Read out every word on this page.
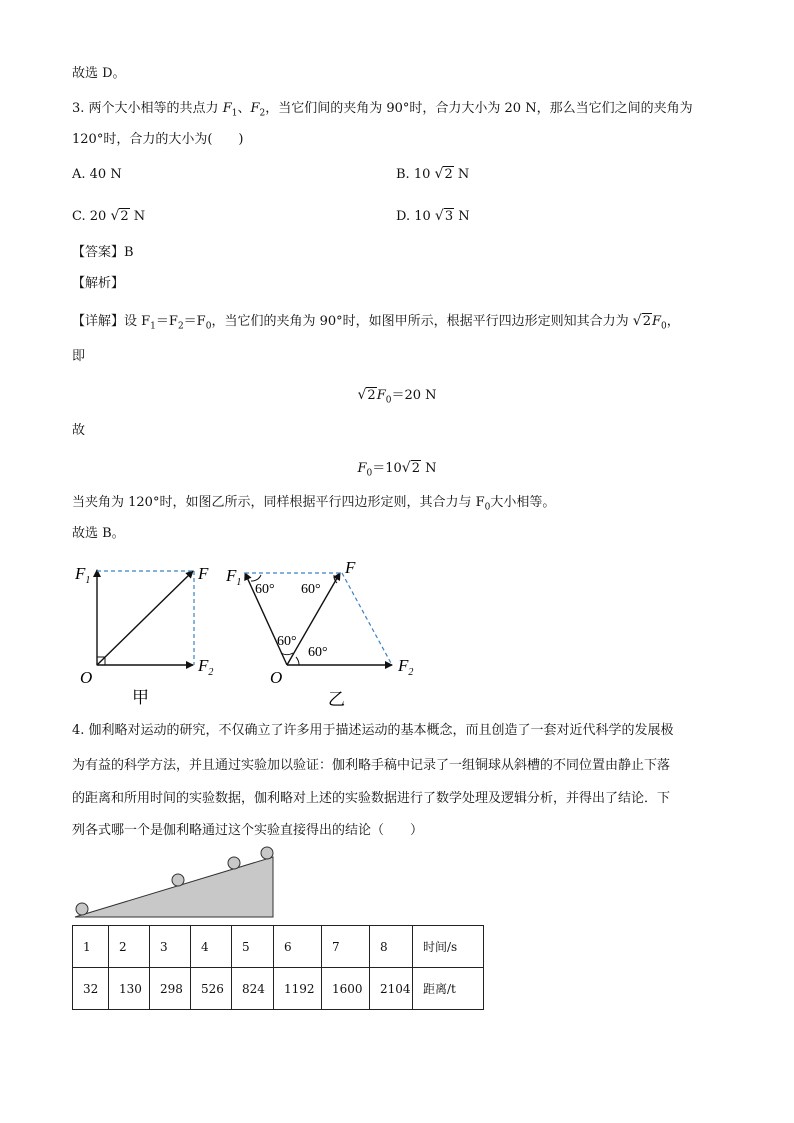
故选 D。
3. 两个大小相等的共点力 $F_1$、$F_2$，当它们间的夹角为 90°时，合力大小为 20 N，那么当它们之间的夹角为
120°时，合力的大小为(　　)
A. 40 N	B. 10 √2 N
C. 20 √2 N	D. 10 √3 N
【答案】B
【解析】
【详解】设 $F_1=F_2=F_0$，当它们的夹角为 90°时，如图甲所示，根据平行四边形定则知其合力为 $√2F_0$，
即
$√2F_0=20$ N
故
$F_0=10√2$ N
当夹角为 120°时，如图乙所示，同样根据平行四边形定则，其合力与 $F_0$大小相等。
故选 B。
$F_1$	F
$F_2$
O
甲
$F_1$
F
$F_2$
O
60° 60°
60°
60°
乙
4. 伽利略对运动的研究，不仅确立了许多用于描述运动的基本概念，而且创造了一套对近代科学的发展极
为有益的科学方法，并且通过实验加以验证：伽利略手稿中记录了一组铜球从斜槽的不同位置由静止下落
的距离和所用时间的实验数据，伽利略对上述的实验数据进行了数学处理及逻辑分析，并得出了结论．下
列各式哪一个是伽利略通过这个实验直接得出的结论（　　）
1	2	3	4	5	6	7	8	时间/s
32	130	298	526	824	1192	1600	2104	距离/t
